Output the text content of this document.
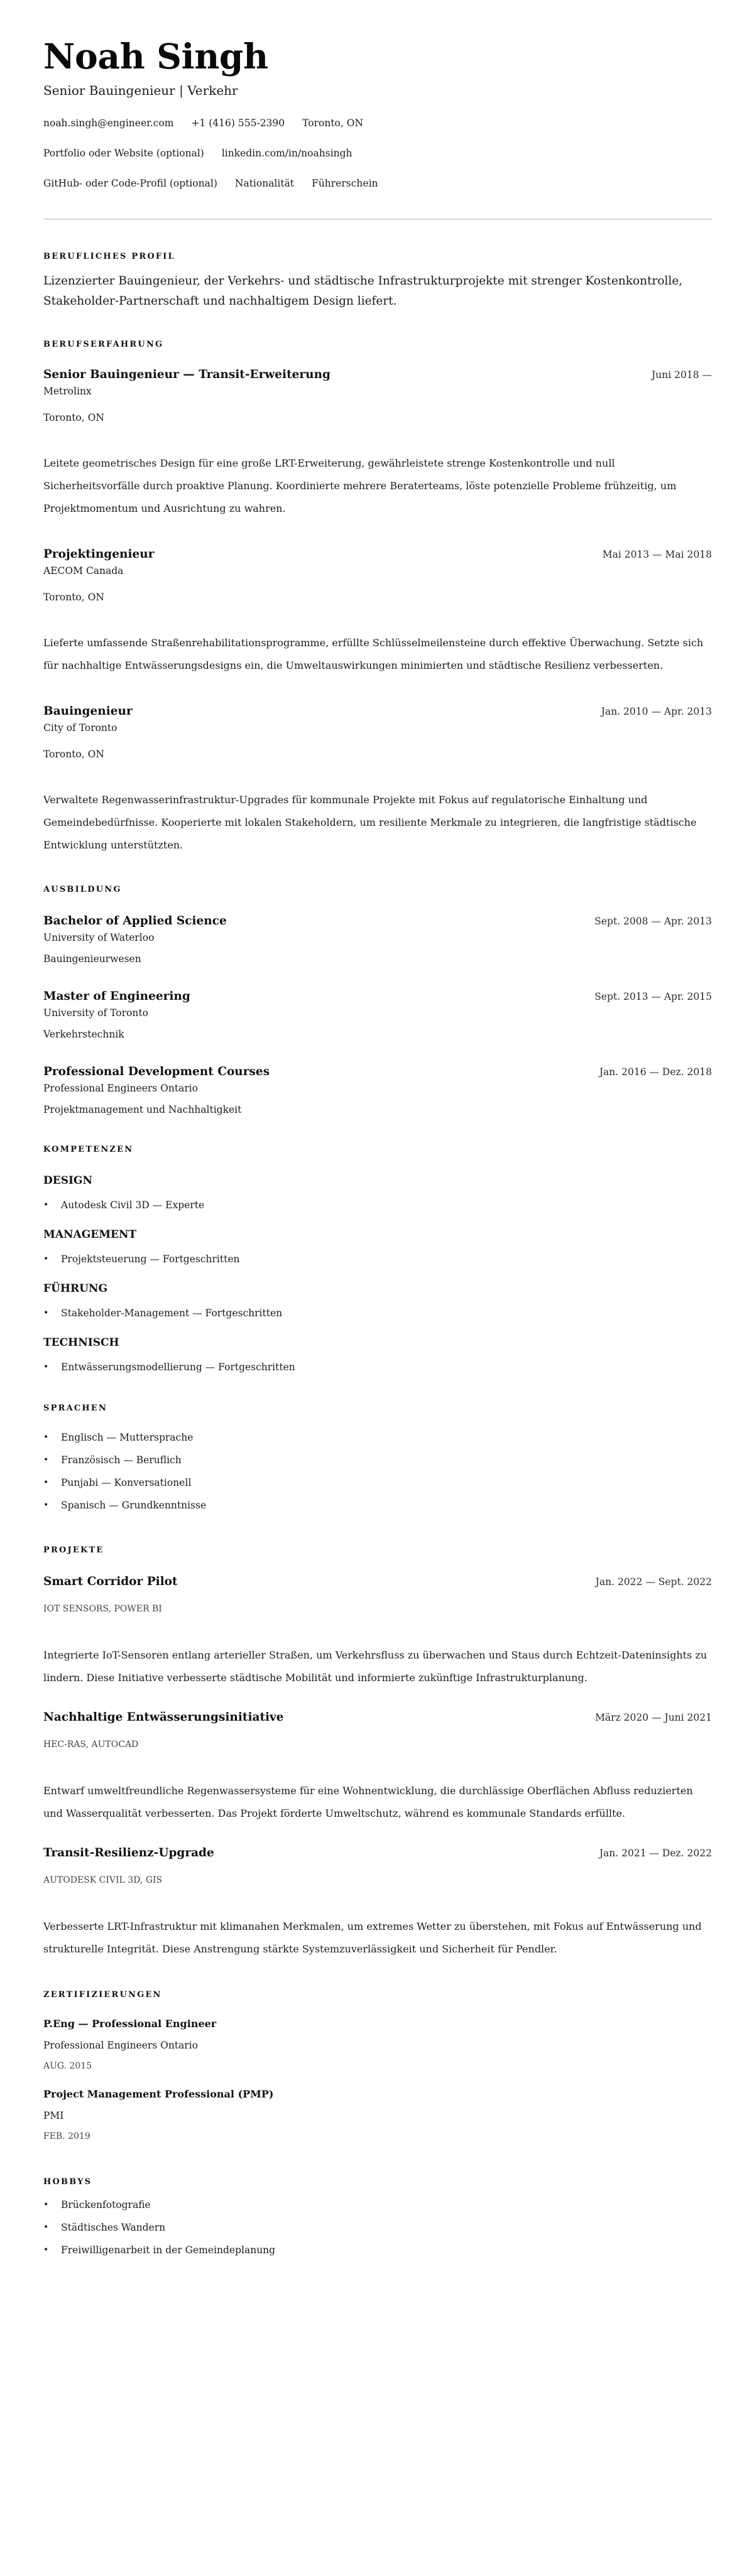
Noah Singh
Senior Bauingenieur | Verkehr
noah.singh@engineer.com +1 (416) 555-2390 Toronto, ON
Portfolio oder Website (optional) linkedin.com/in/noahsingh
GitHub- oder Code-Profil (optional) Nationalität Führerschein
BERUFLICHES PROFIL

Lizenzierter Bauingenieur, der Verkehrs- und städtische Infrastrukturprojekte mit strenger Kostenkontrolle, Stakeholder-Partnerschaft und nachhaltigem Design liefert.

BERUFSERFAHRUNG
Senior Bauingenieur — Transit-Erweiterung	Juni 2018 —
Metrolinx
Toronto, ON

Leitete geometrisches Design für eine große LRT-Erweiterung, gewährleistete strenge Kostenkontrolle und null Sicherheitsvorfälle durch proaktive Planung. Koordinierte mehrere Beraterteams, löste potenzielle Probleme frühzeitig, um Projektmomentum und Ausrichtung zu wahren.

Projektingenieur	Mai 2013 — Mai 2018
AECOM Canada
Toronto, ON

Lieferte umfassende Straßenrehabilitationsprogramme, erfüllte Schlüsselmeilensteine durch effektive Überwachung. Setzte sich für nachhaltige Entwässerungsdesigns ein, die Umweltauswirkungen minimierten und städtische Resilienz verbesserten.

Bauingenieur	Jan. 2010 — Apr. 2013
City of Toronto
Toronto, ON

Verwaltete Regenwasserinfrastruktur-Upgrades für kommunale Projekte mit Fokus auf regulatorische Einhaltung und Gemeindebedürfnisse. Kooperierte mit lokalen Stakeholdern, um resiliente Merkmale zu integrieren, die langfristige städtische Entwicklung unterstützten.

AUSBILDUNG
Bachelor of Applied Science	Sept. 2008 — Apr. 2013
University of Waterloo
Bauingenieurwesen
Master of Engineering	Sept. 2013 — Apr. 2015
University of Toronto
Verkehrstechnik
Professional Development Courses	Jan. 2016 — Dez. 2018
Professional Engineers Ontario
Projektmanagement und Nachhaltigkeit
KOMPETENZEN
DESIGN
• Autodesk Civil 3D — Experte
MANAGEMENT
• Projektsteuerung — Fortgeschritten
FÜHRUNG
• Stakeholder-Management — Fortgeschritten
TECHNISCH
• Entwässerungsmodellierung — Fortgeschritten
SPRACHEN
• Englisch — Muttersprache
• Französisch — Beruflich
• Punjabi — Konversationell
• Spanisch — Grundkenntnisse
PROJEKTE
Smart Corridor Pilot	Jan. 2022 — Sept. 2022
IOT SENSORS, POWER BI

Integrierte IoT-Sensoren entlang arterieller Straßen, um Verkehrsfluss zu überwachen und Staus durch Echtzeit-Dateninsights zu lindern. Diese Initiative verbesserte städtische Mobilität und informierte zukünftige Infrastrukturplanung.

Nachhaltige Entwässerungsinitiative	März 2020 — Juni 2021
HEC-RAS, AUTOCAD

Entwarf umweltfreundliche Regenwassersysteme für eine Wohnentwicklung, die durchlässige Oberflächen Abfluss reduzierten und Wasserqualität verbesserten. Das Projekt förderte Umweltschutz, während es kommunale Standards erfüllte.

Transit-Resilienz-Upgrade	Jan. 2021 — Dez. 2022
AUTODESK CIVIL 3D, GIS

Verbesserte LRT-Infrastruktur mit klimanahen Merkmalen, um extremes Wetter zu überstehen, mit Fokus auf Entwässerung und strukturelle Integrität. Diese Anstrengung stärkte Systemzuverlässigkeit und Sicherheit für Pendler.

ZERTIFIZIERUNGEN
P.Eng — Professional Engineer
Professional Engineers Ontario
AUG. 2015
Project Management Professional (PMP)
PMI
FEB. 2019
HOBBYS
• Brückenfotografie
• Städtisches Wandern
• Freiwilligenarbeit in der Gemeindeplanung
